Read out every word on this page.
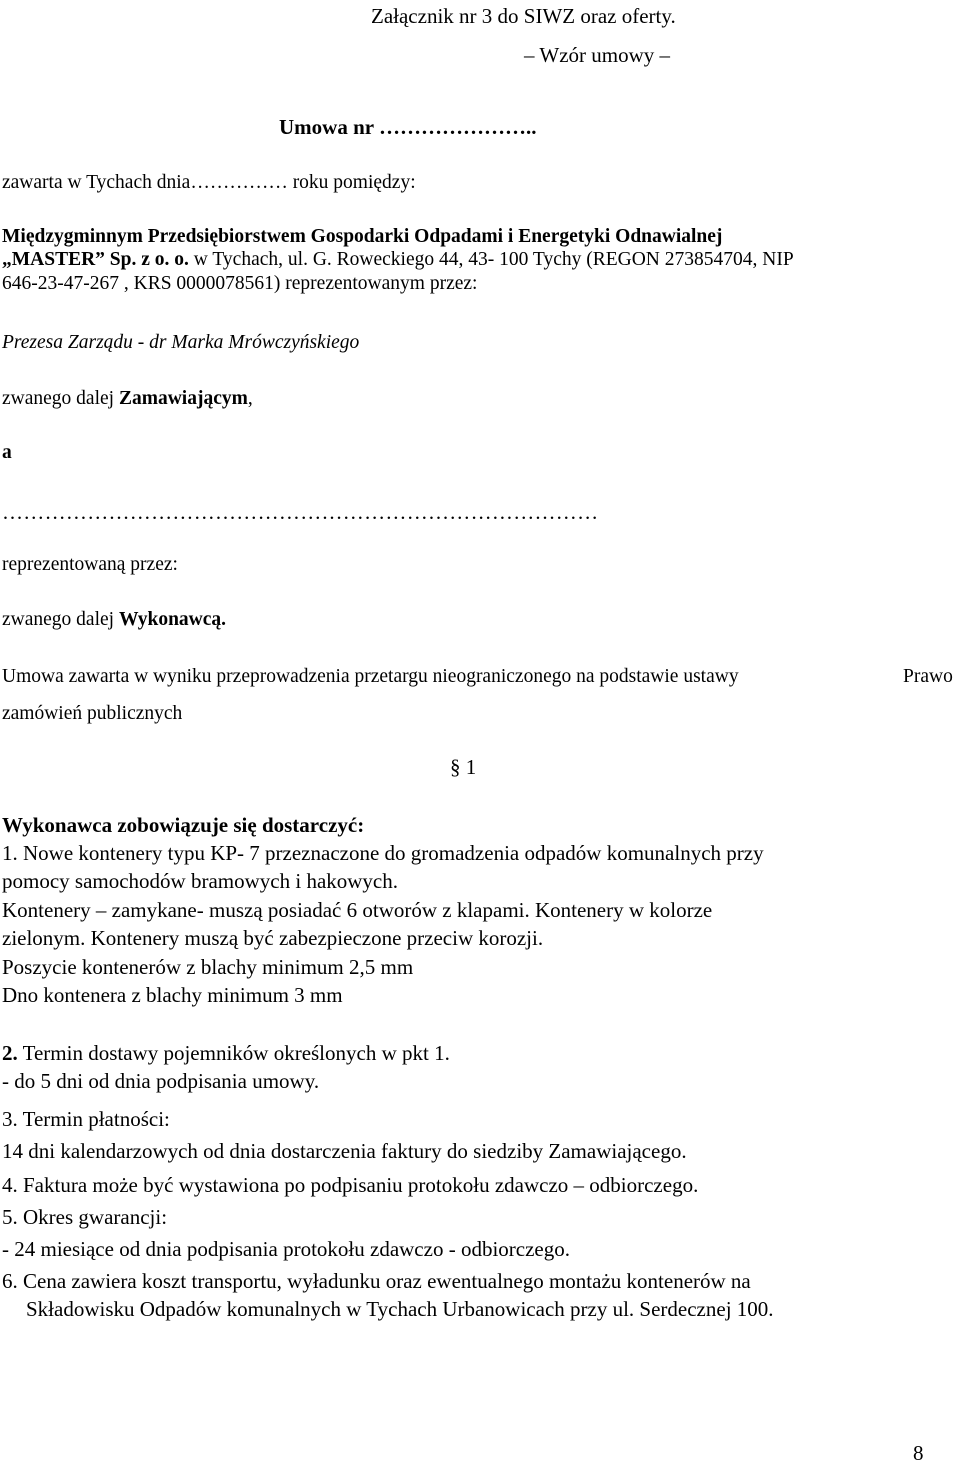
Załącznik nr 3 do SIWZ oraz oferty.
– Wzór umowy –
Umowa nr …………………..
zawarta w Tychach dnia…………… roku pomiędzy:
Międzygminnym Przedsiębiorstwem Gospodarki Odpadami i Energetyki Odnawialnej
„MASTER” Sp. z o. o. w Tychach, ul. G. Roweckiego 44, 43- 100 Tychy (REGON 273854704, NIP
646-23-47-267 , KRS 0000078561) reprezentowanym przez:
Prezesa Zarządu - dr Marka Mrówczyńskiego
zwanego dalej Zamawiającym,
a
…………………………………………………………………………
reprezentowaną przez:
zwanego dalej Wykonawcą.
Umowa zawarta w wyniku przeprowadzenia przetargu nieograniczonego na podstawie ustawy	Prawo
zamówień publicznych
§ 1
Wykonawca zobowiązuje się dostarczyć:
1. Nowe kontenery typu KP- 7 przeznaczone do gromadzenia odpadów komunalnych przy
pomocy samochodów bramowych i hakowych.
Kontenery – zamykane- muszą posiadać 6 otworów z klapami. Kontenery w kolorze
zielonym. Kontenery muszą być zabezpieczone przeciw korozji.
Poszycie kontenerów z blachy minimum 2,5 mm
Dno kontenera z blachy minimum 3 mm
2. Termin dostawy pojemników określonych w pkt 1.
- do 5 dni od dnia podpisania umowy.
3. Termin płatności:
14 dni kalendarzowych od dnia dostarczenia faktury do siedziby Zamawiającego.
4. Faktura może być wystawiona po podpisaniu protokołu zdawczo – odbiorczego.
5. Okres gwarancji:
- 24 miesiące od dnia podpisania protokołu zdawczo - odbiorczego.
6. Cena zawiera koszt transportu, wyładunku oraz ewentualnego montażu kontenerów na
Składowisku Odpadów komunalnych w Tychach Urbanowicach przy ul. Serdecznej 100.
8
